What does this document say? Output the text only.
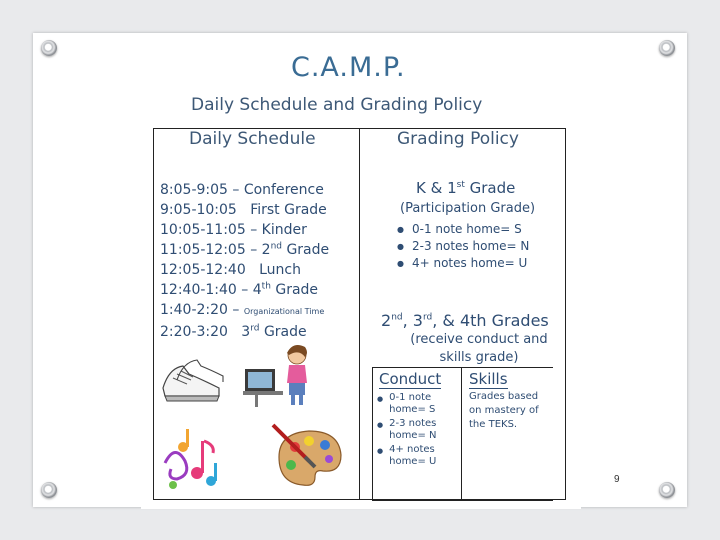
C.A.M.P.
Daily Schedule and Grading Policy
Daily Schedule	Grading Policy
8:05-9:05 – Conference
9:05-10:05 First Grade
10:05-11:05 – Kinder
11:05-12:05 – 2nd Grade
12:05-12:40 Lunch
12:40-1:40 – 4th Grade
1:40-2:20 – Organizational Time
2:20-3:20 3rd Grade
K & 1st Grade
(Participation Grade)
● 0-1 note home= S
● 2-3 notes home= N
● 4+ notes home= U
2nd, 3rd, & 4th Grades
(receive conduct and skills grade)
Conduct Skills
● 0-1 note home= S
● 2-3 notes home= N
● 4+ notes home= U
Grades based on mastery of the TEKS.
9
